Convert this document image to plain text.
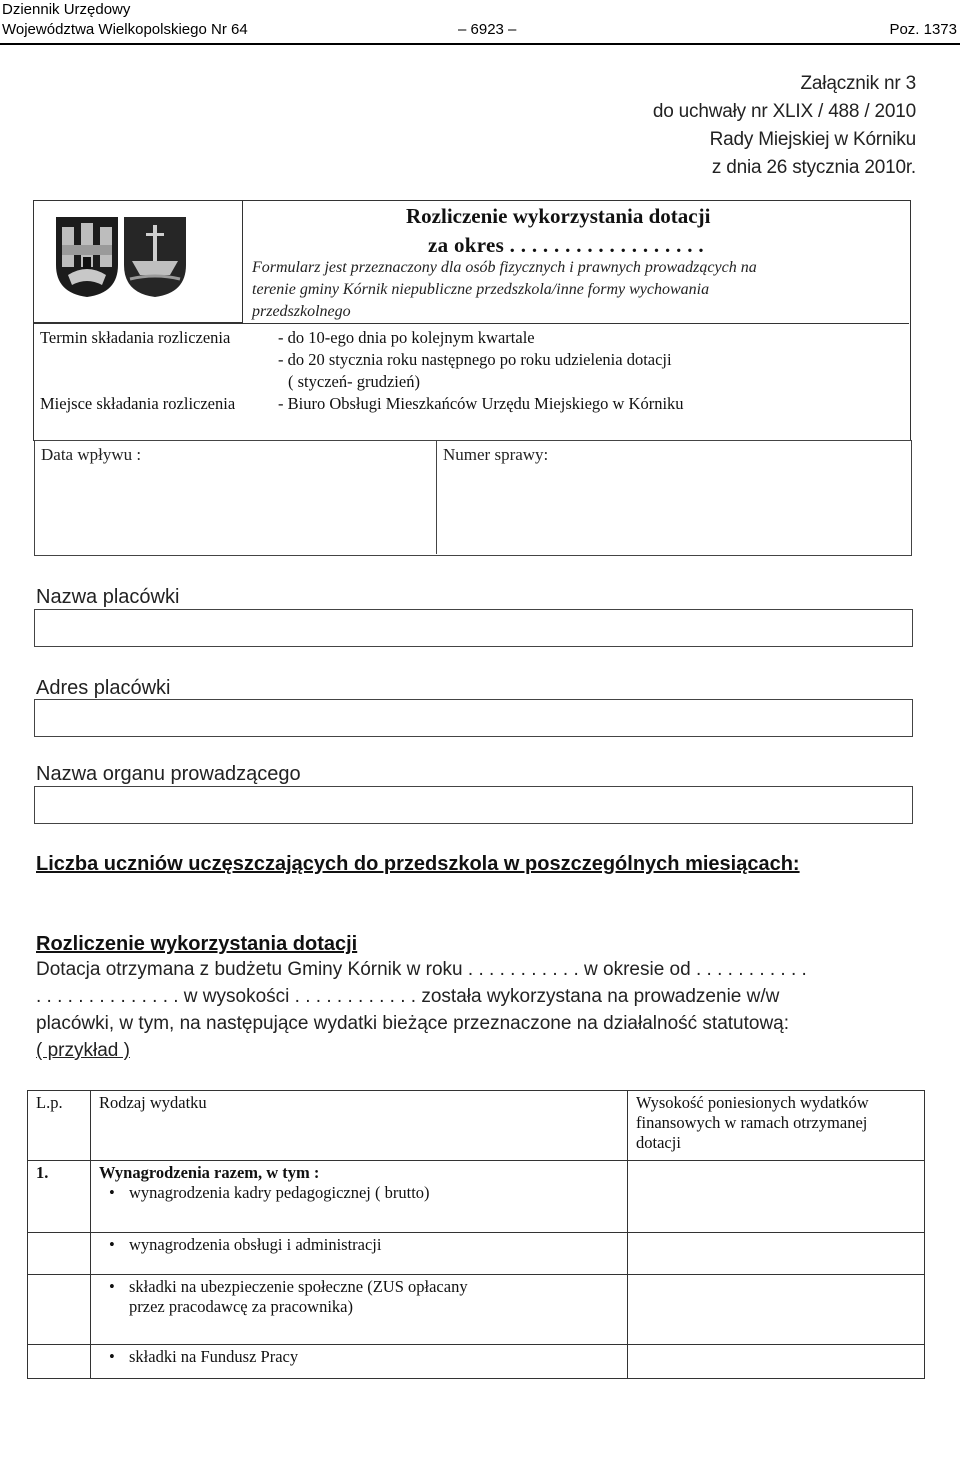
Dziennik Urzędowy
Województwa Wielkopolskiego Nr 64	– 6923 –	Poz. 1373
Załącznik nr 3
do uchwały nr XLIX / 488 / 2010
Rady Miejskiej w Kórniku
z dnia 26 stycznia 2010r.
Rozliczenie wykorzystania dotacji
za okres . . . . . . . . . . . . . . . . . .
Formularz jest przeznaczony dla osób fizycznych i prawnych prowadzących na
terenie gminy Kórnik niepubliczne przedszkola/inne formy wychowania
przedszkolnego
Termin składania rozliczenia	- do 10-ego dnia po kolejnym kwartale
- do 20 stycznia roku następnego po roku udzielenia dotacji
( styczeń- grudzień)
Miejsce składania rozliczenia	- Biuro Obsługi Mieszkańców Urzędu Miejskiego w Kórniku
Data wpływu :	Numer sprawy:
Nazwa placówki
Adres placówki
Nazwa organu prowadzącego
Liczba uczniów uczęszczających do przedszkola w poszczególnych miesiącach:
Rozliczenie wykorzystania dotacji
Dotacja otrzymana z budżetu Gminy Kórnik w roku . . . . . . . . . . . w okresie od . . . . . . . . . . .
. . . . . . . . . . . . . . w wysokości . . . . . . . . . . . . została wykorzystana na prowadzenie w/w
placówki, w tym, na następujące wydatki bieżące przeznaczone na działalność statutową:
( przykład )
L.p.	Rodzaj wydatku	Wysokość poniesionych wydatków
finansowych w ramach otrzymanej
dotacji

1.	Wynagrodzenia razem, w tym :
• wynagrodzenia kadry pedagogicznej ( brutto)	

	• wynagrodzenia obsługi i administracji	

	• składki na ubezpieczenie społeczne (ZUS opłacany
przez pracodawcę za pracownika)	

	• składki na Fundusz Pracy	
